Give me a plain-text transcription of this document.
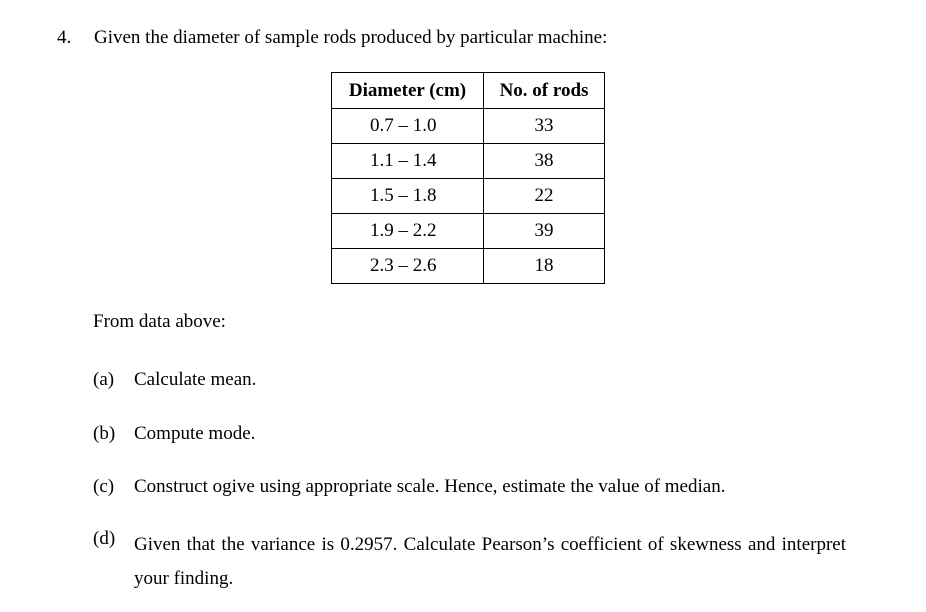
4. Given the diameter of sample rods produced by particular machine:
Diameter (cm)	No. of rods
0.7 – 1.0	33
1.1 – 1.4	38
1.5 – 1.8	22
1.9 – 2.2	39
2.3 – 2.6	18
From data above:
(a) Calculate mean.
(b) Compute mode.
(c) Construct ogive using appropriate scale. Hence, estimate the value of median.
(d) Given that the variance is 0.2957. Calculate Pearson’s coefficient of skewness and interpret your finding.
